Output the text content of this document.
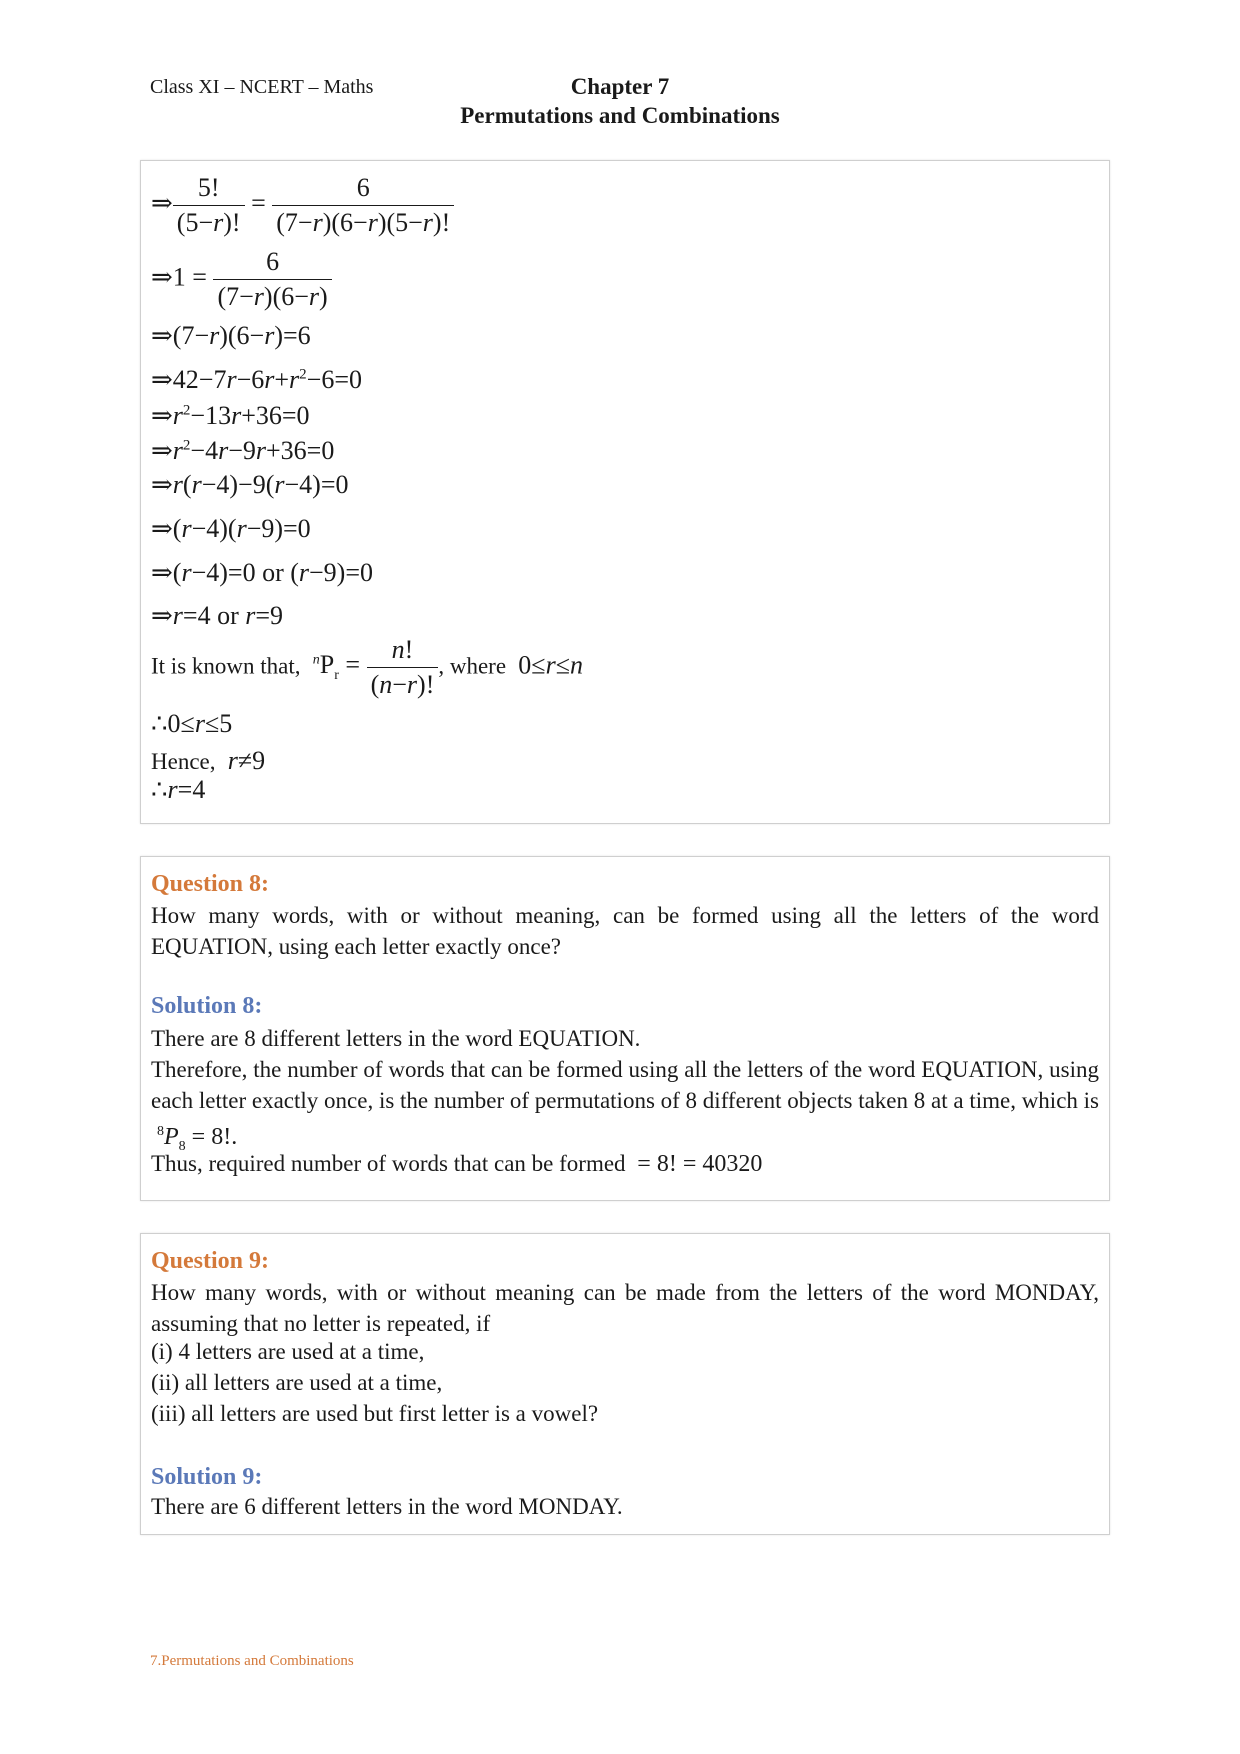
Class XI – NCERT – Maths	Chapter 7
Permutations and Combinations
⇒ $\frac{5!}{(5-r)!} = \frac{6}{(7-r)(6-r)(5-r)!}$
⇒1 = $\frac{6}{(7-r)(6-r)}$
⇒(7−r)(6−r)=6
$\Rightarrow 42-7r-6r+r^2-6=0$
$\Rightarrow r^2-13r+36=0$
$\Rightarrow r^2-4r-9r+36=0$
⇒r(r−4)−9(r−4)=0
⇒(r−4)(r−9)=0
⇒(r−4)=0 or (r−9)=0
⇒r=4 or r=9
It is known that, $^nP_r = \frac{n!}{(n-r)!}$ , where  0≤r≤n
∴0≤r≤5
Hence, r≠9
∴r=4
Question 8:
How many words, with or without meaning, can be formed using all the letters of the word EQUATION, using each letter exactly once?
Solution 8:
There are 8 different letters in the word EQUATION.
Therefore, the number of words that can be formed using all the letters of the word EQUATION, using each letter exactly once, is the number of permutations of 8 different objects taken 8 at a time, which is  $^8P_8 = 8$!.
Thus, required number of words that can be formed  = 8! = 40320
Question 9:
How many words, with or without meaning can be made from the letters of the word MONDAY, assuming that no letter is repeated, if
(i) 4 letters are used at a time,
(ii) all letters are used at a time,
(iii) all letters are used but first letter is a vowel?
Solution 9:
There are 6 different letters in the word MONDAY.
7.Permutations and Combinations
